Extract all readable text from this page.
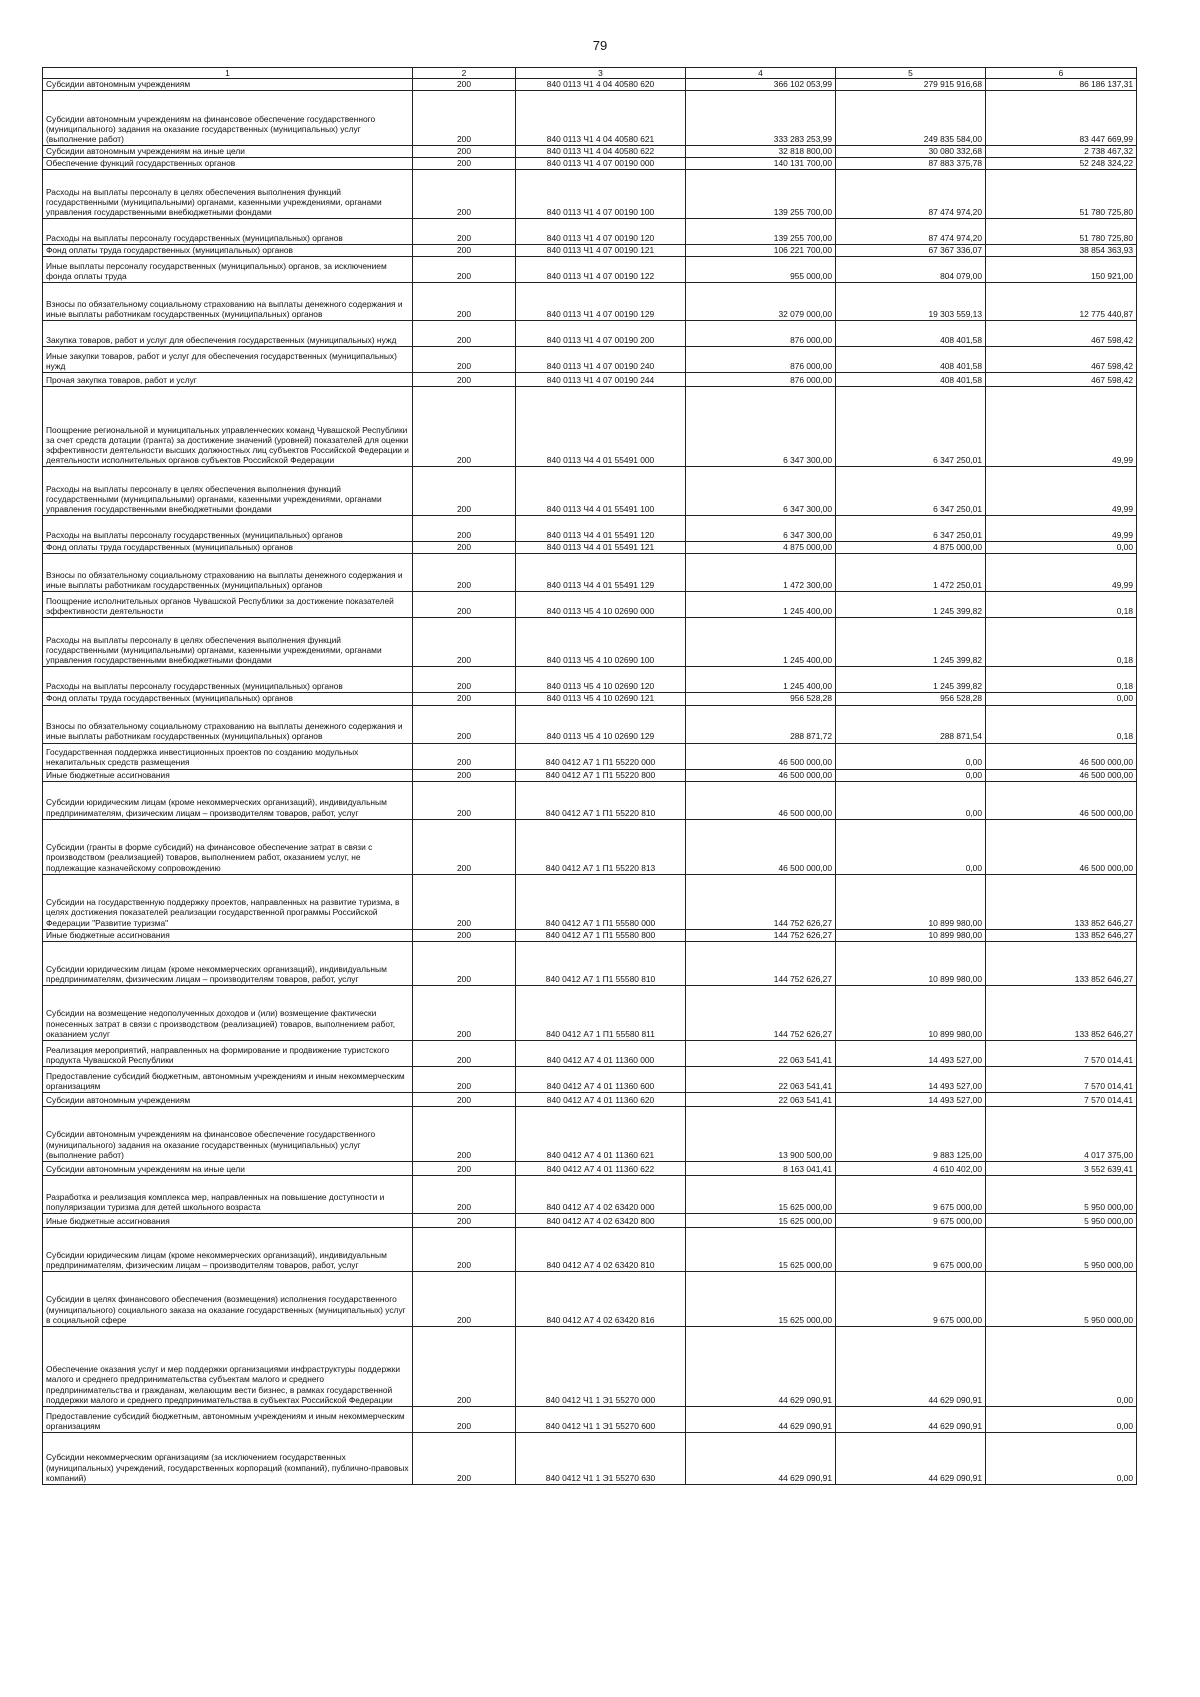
79
1	2	3	4	5	6
Субсидии автономным учреждениям	200	840 0113 Ч1 4 04 40580 620	366 102 053,99	279 915 916,68	86 186 137,31
Субсидии автономным учреждениям на финансовое обеспечение государственного (муниципального) задания на оказание государственных (муниципальных) услуг (выполнение работ)	200	840 0113 Ч1 4 04 40580 621	333 283 253,99	249 835 584,00	83 447 669,99
Субсидии автономным учреждениям на иные цели	200	840 0113 Ч1 4 04 40580 622	32 818 800,00	30 080 332,68	2 738 467,32
Обеспечение функций государственных органов	200	840 0113 Ч1 4 07 00190 000	140 131 700,00	87 883 375,78	52 248 324,22
Расходы на выплаты персоналу в целях обеспечения выполнения функций государственными (муниципальными) органами, казенными учреждениями, органами управления государственными внебюджетными фондами	200	840 0113 Ч1 4 07 00190 100	139 255 700,00	87 474 974,20	51 780 725,80
Расходы на выплаты персоналу государственных (муниципальных) органов	200	840 0113 Ч1 4 07 00190 120	139 255 700,00	87 474 974,20	51 780 725,80
Фонд оплаты труда государственных (муниципальных) органов	200	840 0113 Ч1 4 07 00190 121	106 221 700,00	67 367 336,07	38 854 363,93
Иные выплаты персоналу государственных (муниципальных) органов, за исключением фонда оплаты труда	200	840 0113 Ч1 4 07 00190 122	955 000,00	804 079,00	150 921,00
Взносы по обязательному социальному страхованию на выплаты денежного содержания и иные выплаты работникам государственных (муниципальных) органов	200	840 0113 Ч1 4 07 00190 129	32 079 000,00	19 303 559,13	12 775 440,87
Закупка товаров, работ и услуг для обеспечения государственных (муниципальных) нужд	200	840 0113 Ч1 4 07 00190 200	876 000,00	408 401,58	467 598,42
Иные закупки товаров, работ и услуг для обеспечения государственных (муниципальных) нужд	200	840 0113 Ч1 4 07 00190 240	876 000,00	408 401,58	467 598,42
Прочая закупка товаров, работ и услуг	200	840 0113 Ч1 4 07 00190 244	876 000,00	408 401,58	467 598,42
Поощрение региональной и муниципальных управленческих команд Чувашской Республики за счет средств дотации (гранта) за достижение значений (уровней) показателей для оценки эффективности деятельности высших должностных лиц субъектов Российской Федерации и деятельности исполнительных органов субъектов Российской Федерации	200	840 0113 Ч4 4 01 55491 000	6 347 300,00	6 347 250,01	49,99
Расходы на выплаты персоналу в целях обеспечения выполнения функций государственными (муниципальными) органами, казенными учреждениями, органами управления государственными внебюджетными фондами	200	840 0113 Ч4 4 01 55491 100	6 347 300,00	6 347 250,01	49,99
Расходы на выплаты персоналу государственных (муниципальных) органов	200	840 0113 Ч4 4 01 55491 120	6 347 300,00	6 347 250,01	49,99
Фонд оплаты труда государственных (муниципальных) органов	200	840 0113 Ч4 4 01 55491 121	4 875 000,00	4 875 000,00	0,00
Взносы по обязательному социальному страхованию на выплаты денежного содержания и иные выплаты работникам государственных (муниципальных) органов	200	840 0113 Ч4 4 01 55491 129	1 472 300,00	1 472 250,01	49,99
Поощрение исполнительных органов Чувашской Республики за достижение показателей эффективности деятельности	200	840 0113 Ч5 4 10 02690 000	1 245 400,00	1 245 399,82	0,18
Расходы на выплаты персоналу в целях обеспечения выполнения функций государственными (муниципальными) органами, казенными учреждениями, органами управления государственными внебюджетными фондами	200	840 0113 Ч5 4 10 02690 100	1 245 400,00	1 245 399,82	0,18
Расходы на выплаты персоналу государственных (муниципальных) органов	200	840 0113 Ч5 4 10 02690 120	1 245 400,00	1 245 399,82	0,18
Фонд оплаты труда государственных (муниципальных) органов	200	840 0113 Ч5 4 10 02690 121	956 528,28	956 528,28	0,00
Взносы по обязательному социальному страхованию на выплаты денежного содержания и иные выплаты работникам государственных (муниципальных) органов	200	840 0113 Ч5 4 10 02690 129	288 871,72	288 871,54	0,18
Государственная поддержка инвестиционных проектов по созданию модульных некапитальных средств размещения	200	840 0412 А7 1 П1 55220 000	46 500 000,00	0,00	46 500 000,00
Иные бюджетные ассигнования	200	840 0412 А7 1 П1 55220 800	46 500 000,00	0,00	46 500 000,00
Субсидии юридическим лицам (кроме некоммерческих организаций), индивидуальным предпринимателям, физическим лицам – производителям товаров, работ, услуг	200	840 0412 А7 1 П1 55220 810	46 500 000,00	0,00	46 500 000,00
Субсидии (гранты в форме субсидий) на финансовое обеспечение затрат в связи с производством (реализацией) товаров, выполнением работ, оказанием услуг, не подлежащие казначейскому сопровождению	200	840 0412 А7 1 П1 55220 813	46 500 000,00	0,00	46 500 000,00
Субсидии на государственную поддержку проектов, направленных на развитие туризма, в целях достижения показателей реализации государственной программы Российской Федерации "Развитие туризма"	200	840 0412 А7 1 П1 55580 000	144 752 626,27	10 899 980,00	133 852 646,27
Иные бюджетные ассигнования	200	840 0412 А7 1 П1 55580 800	144 752 626,27	10 899 980,00	133 852 646,27
Субсидии юридическим лицам (кроме некоммерческих организаций), индивидуальным предпринимателям, физическим лицам – производителям товаров, работ, услуг	200	840 0412 А7 1 П1 55580 810	144 752 626,27	10 899 980,00	133 852 646,27
Субсидии на возмещение недополученных доходов и (или) возмещение фактически понесенных затрат в связи с производством (реализацией) товаров, выполнением работ, оказанием услуг	200	840 0412 А7 1 П1 55580 811	144 752 626,27	10 899 980,00	133 852 646,27
Реализация мероприятий, направленных на формирование и продвижение туристского продукта Чувашской Республики	200	840 0412 А7 4 01 11360 000	22 063 541,41	14 493 527,00	7 570 014,41
Предоставление субсидий бюджетным, автономным учреждениям и иным некоммерческим организациям	200	840 0412 А7 4 01 11360 600	22 063 541,41	14 493 527,00	7 570 014,41
Субсидии автономным учреждениям	200	840 0412 А7 4 01 11360 620	22 063 541,41	14 493 527,00	7 570 014,41
Субсидии автономным учреждениям на финансовое обеспечение государственного (муниципального) задания на оказание государственных (муниципальных) услуг (выполнение работ)	200	840 0412 А7 4 01 11360 621	13 900 500,00	9 883 125,00	4 017 375,00
Субсидии автономным учреждениям на иные цели	200	840 0412 А7 4 01 11360 622	8 163 041,41	4 610 402,00	3 552 639,41
Разработка и реализация комплекса мер, направленных на повышение доступности и популяризации туризма для детей школьного возраста	200	840 0412 А7 4 02 63420 000	15 625 000,00	9 675 000,00	5 950 000,00
Иные бюджетные ассигнования	200	840 0412 А7 4 02 63420 800	15 625 000,00	9 675 000,00	5 950 000,00
Субсидии юридическим лицам (кроме некоммерческих организаций), индивидуальным предпринимателям, физическим лицам – производителям товаров, работ, услуг	200	840 0412 А7 4 02 63420 810	15 625 000,00	9 675 000,00	5 950 000,00
Субсидии в целях финансового обеспечения (возмещения) исполнения государственного (муниципального) социального заказа на оказание государственных (муниципальных) услуг в социальной сфере	200	840 0412 А7 4 02 63420 816	15 625 000,00	9 675 000,00	5 950 000,00
Обеспечение оказания услуг и мер поддержки организациями инфраструктуры поддержки малого и среднего предпринимательства субъектам малого и среднего предпринимательства и гражданам, желающим вести бизнес, в рамках государственной поддержки малого и среднего предпринимательства в субъектах Российской Федерации	200	840 0412 Ч1 1 Э1 55270 000	44 629 090,91	44 629 090,91	0,00
Предоставление субсидий бюджетным, автономным учреждениям и иным некоммерческим организациям	200	840 0412 Ч1 1 Э1 55270 600	44 629 090,91	44 629 090,91	0,00
Субсидии некоммерческим организациям (за исключением государственных (муниципальных) учреждений, государственных корпораций (компаний), публично-правовых компаний)	200	840 0412 Ч1 1 Э1 55270 630	44 629 090,91	44 629 090,91	0,00
